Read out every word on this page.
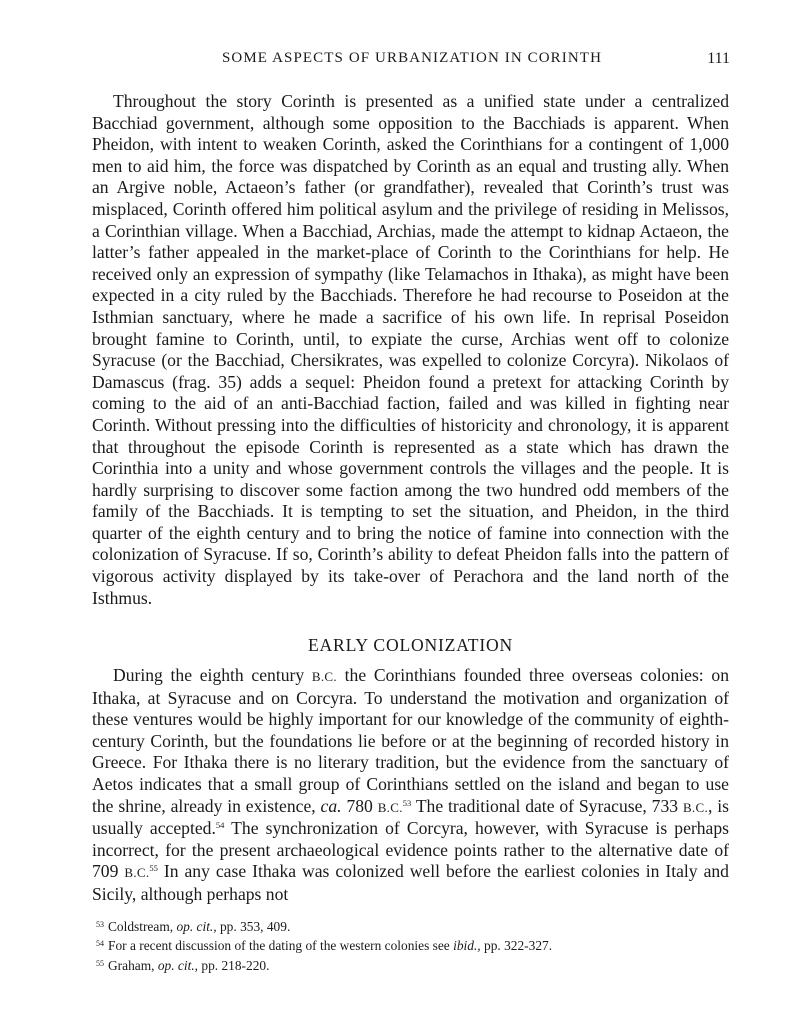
SOME ASPECTS OF URBANIZATION IN CORINTH	111

Throughout the story Corinth is presented as a unified state under a centralized Bacchiad government, although some opposition to the Bacchiads is apparent. When Pheidon, with intent to weaken Corinth, asked the Corinthians for a contingent of 1,000 men to aid him, the force was dispatched by Corinth as an equal and trusting ally. When an Argive noble, Actaeon’s father (or grandfather), revealed that Corinth’s trust was misplaced, Corinth offered him political asylum and the privilege of residing in Melissos, a Corinthian village. When a Bacchiad, Archias, made the attempt to kidnap Actaeon, the latter’s father appealed in the market-place of Corinth to the Corinthians for help. He received only an expression of sympathy (like Telamachos in Ithaka), as might have been expected in a city ruled by the Bacchiads. Therefore he had recourse to Poseidon at the Isthmian sanctuary, where he made a sacrifice of his own life. In reprisal Poseidon brought famine to Corinth, until, to expiate the curse, Archias went off to colonize Syracuse (or the Bacchiad, Chersikrates, was expelled to colonize Corcyra). Nikolaos of Damascus (frag. 35) adds a sequel: Pheidon found a pretext for attacking Corinth by coming to the aid of an anti-Bacchiad faction, failed and was killed in fighting near Corinth. Without pressing into the difficulties of historicity and chronology, it is apparent that throughout the episode Corinth is represented as a state which has drawn the Corinthia into a unity and whose government controls the villages and the people. It is hardly surprising to discover some faction among the two hundred odd members of the family of the Bacchiads. It is tempting to set the situation, and Pheidon, in the third quarter of the eighth century and to bring the notice of famine into connection with the colonization of Syracuse. If so, Corinth’s ability to defeat Pheidon falls into the pattern of vigorous activity displayed by its take-over of Perachora and the land north of the Isthmus.

EARLY COLONIZATION

During the eighth century B.C. the Corinthians founded three overseas colonies: on Ithaka, at Syracuse and on Corcyra. To understand the motivation and organization of these ventures would be highly important for our knowledge of the community of eighth-century Corinth, but the foundations lie before or at the beginning of recorded history in Greece. For Ithaka there is no literary tradition, but the evidence from the sanctuary of Aetos indicates that a small group of Corinthians settled on the island and began to use the shrine, already in existence, ca. 780 B.C.$^{53}$ The traditional date of Syracuse, 733 B.C., is usually accepted.$^{54}$ The synchronization of Corcyra, however, with Syracuse is perhaps incorrect, for the present archaeological evidence points rather to the alternative date of 709 B.C.$^{55}$ In any case Ithaka was colonized well before the earliest colonies in Italy and Sicily, although perhaps not

$^{53}$ Coldstream, op. cit., pp. 353, 409.

$^{54}$ For a recent discussion of the dating of the western colonies see ibid., pp. 322-327.

$^{55}$ Graham, op. cit., pp. 218-220.
